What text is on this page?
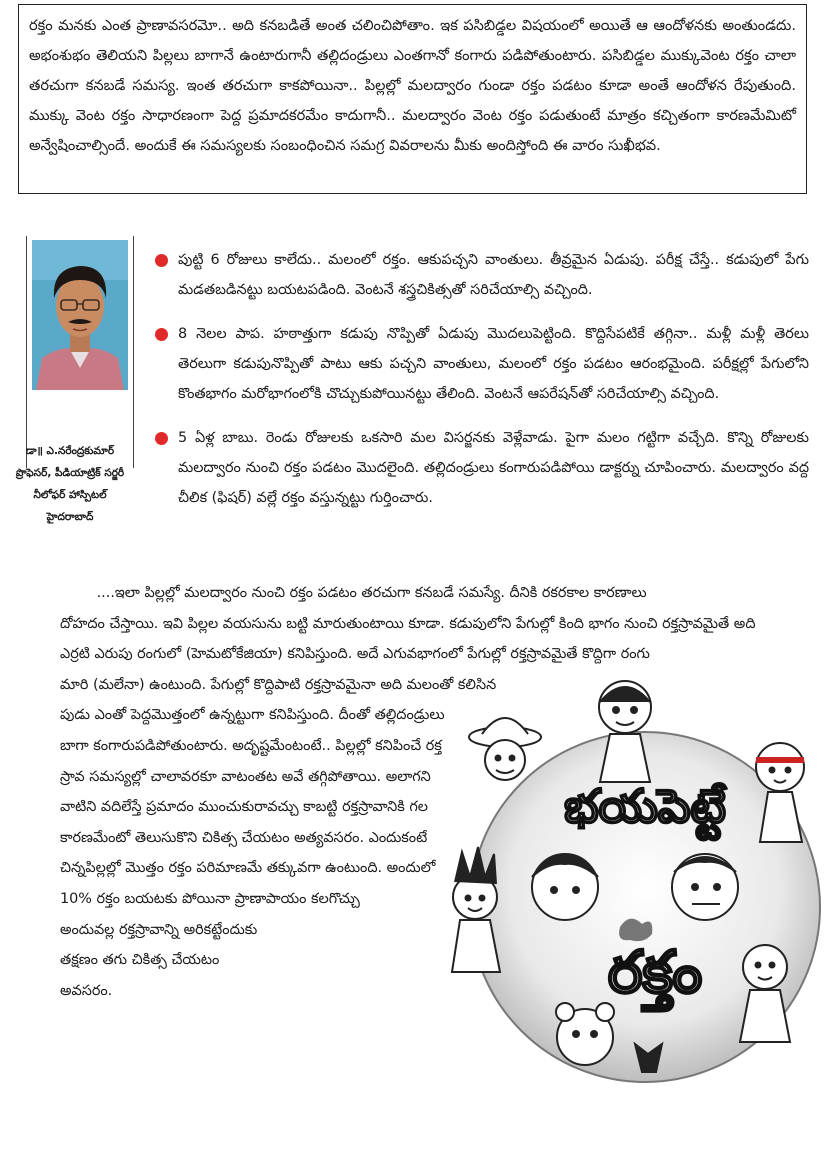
రక్తం మనకు ఎంత ప్రాణావసరమో.. అది కనబడితే అంత చలించిపోతాం. ఇక పసిబిడ్డల విషయంలో అయితే ఆ ఆందోళనకు అంతుండదు. అభంశుభం తెలియని పిల్లలు బాగానే ఉంటారుగానీ తల్లిదండ్రులు ఎంతగానో కంగారు పడిపోతుంటారు. పసిబిడ్డల ముక్కువెంట రక్తం చాలా తరచుగా కనబడే సమస్య. ఇంత తరచుగా కాకపోయినా.. పిల్లల్లో మలద్వారం గుండా రక్తం పడటం కూడా అంతే ఆందోళన రేపుతుంది. ముక్కు వెంట రక్తం సాధారణంగా పెద్ద ప్రమాదకరమేం కాదుగానీ.. మలద్వారం వెంట రక్తం పడుతుంటే మాత్రం కచ్చితంగా కారణమేమిటో అన్వేషించాల్సిందే. అందుకే ఈ సమస్యలకు సంబంధించిన సమగ్ర వివరాలను మీకు అందిస్తోంది ఈ వారం సుఖీభవ.

డా॥ ఎ.నరేంద్రకుమార్
ప్రొఫెసర్, పీడియాట్రిక్ సర్జరీ
నీలోఫర్ హాస్పిటల్
హైదరాబాద్

పుట్టి 6 రోజులు కాలేదు.. మలంలో రక్తం. ఆకుపచ్చని వాంతులు. తీవ్రమైన ఏడుపు. పరీక్ష చేస్తే.. కడుపులో పేగు మడతబడినట్టు బయటపడింది. వెంటనే శస్త్రచికిత్సతో సరిచేయాల్సి వచ్చింది.

8 నెలల పాప. హఠాత్తుగా కడుపు నొప్పితో ఏడుపు మొదలుపెట్టింది. కొద్దిసేపటికే తగ్గినా.. మళ్లీ మళ్లీ తెరలు తెరలుగా కడుపునొప్పితో పాటు ఆకు పచ్చని వాంతులు, మలంలో రక్తం పడటం ఆరంభమైంది. పరీక్షల్లో పేగులోని కొంతభాగం మరోభాగంలోకి చొచ్చుకుపోయినట్టు తేలింది. వెంటనే ఆపరేషన్‌తో సరిచేయాల్సి వచ్చింది.

5 ఏళ్ల బాబు. రెండు రోజులకు ఒకసారి మల విసర్జనకు వెళ్లేవాడు. పైగా మలం గట్టిగా వచ్చేది. కొన్ని రోజులకు మలద్వారం నుంచి రక్తం పడటం మొదలైంది. తల్లిదండ్రులు కంగారుపడిపోయి డాక్టర్ను చూపించారు. మలద్వారం వద్ద చీలిక (ఫిషర్) వల్లే రక్తం వస్తున్నట్టు గుర్తించారు.

....ఇలా పిల్లల్లో మలద్వారం నుంచి రక్తం పడటం తరచుగా కనబడే సమస్యే. దీనికి రకరకాల కారణాలు
దోహదం చేస్తాయి. ఇవి పిల్లల వయసును బట్టి మారుతుంటాయి కూడా. కడుపులోని పేగుల్లో కింది భాగం నుంచి రక్తస్రావమైతే అది
ఎర్రటి ఎరుపు రంగులో (హెమటోకేజియా) కనిపిస్తుంది. అదే ఎగువభాగంలో పేగుల్లో రక్తస్రావమైతే కొద్దిగా రంగు
మారి (మలేనా) ఉంటుంది. పేగుల్లో కొద్దిపాటి రక్తస్రావమైనా అది మలంతో కలిసిన
పుడు ఎంతో పెద్దమొత్తంలో ఉన్నట్టుగా కనిపిస్తుంది. దీంతో తల్లిదండ్రులు
బాగా కంగారుపడిపోతుంటారు. అదృష్టమేంటంటే.. పిల్లల్లో కనిపించే రక్త
స్రావ సమస్యల్లో చాలావరకూ వాటంతట అవే తగ్గిపోతాయి. అలాగని
వాటిని వదిలేస్తే ప్రమాదం ముంచుకురావచ్చు కాబట్టి రక్తస్రావానికి గల
కారణమేంటో తెలుసుకొని చికిత్స చేయటం అత్యవసరం. ఎందుకంటే
చిన్నపిల్లల్లో మొత్తం రక్తం పరిమాణమే తక్కువగా ఉంటుంది. అందులో
10% రక్తం బయటకు పోయినా ప్రాణాపాయం కలగొచ్చు
అందువల్ల రక్తస్రావాన్ని అరికట్టేందుకు
తక్షణం తగు చికిత్స చేయటం
అవసరం.
భయపెట్టే
రక్తం
